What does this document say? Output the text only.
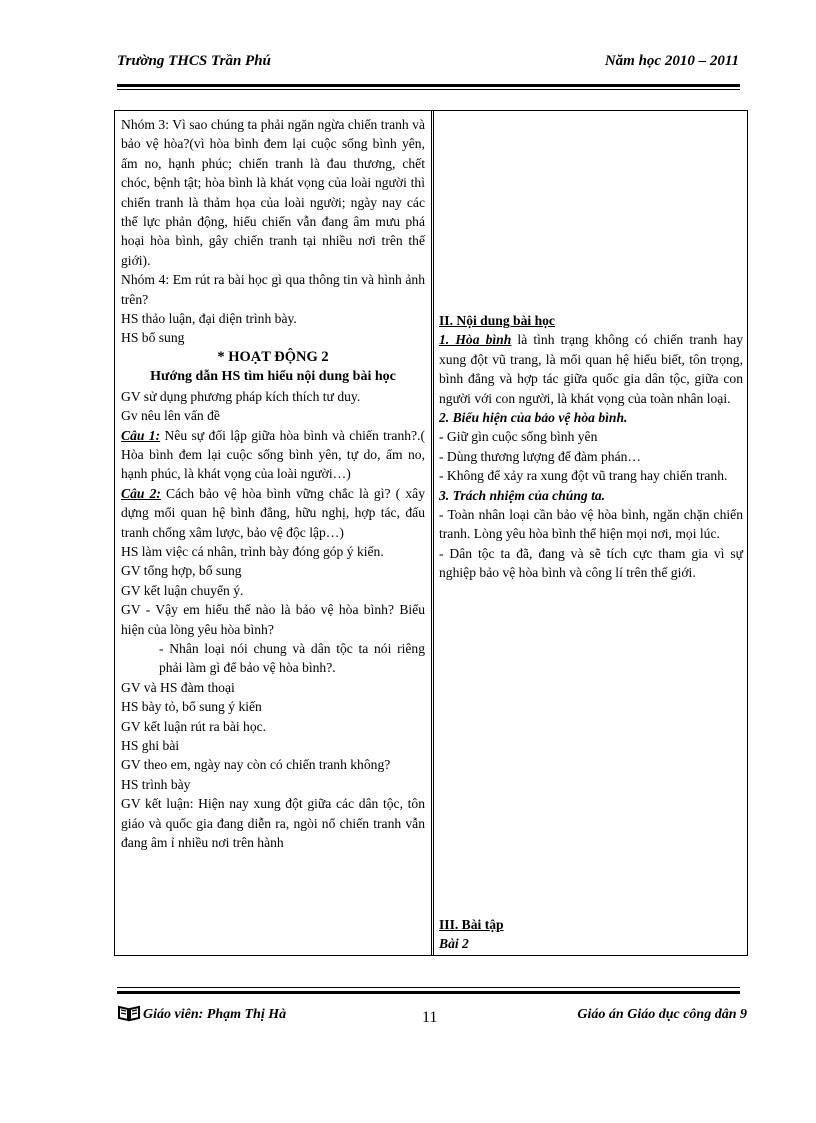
Trường THCS Trần Phú	Năm học 2010 – 2011

Nhóm 3: Vì sao chúng ta phải ngăn ngừa chiến tranh và bảo vệ hòa?(vì hòa bình đem lại cuộc sống bình yên, ấm no, hạnh phúc; chiến tranh là đau thương, chết chóc, bệnh tật; hòa bình là khát vọng của loài người thì chiến tranh là thảm họa của loài người; ngày nay các thế lực phản động, hiếu chiến vẫn đang âm mưu phá hoại hòa bình, gây chiến tranh tại nhiều nơi trên thế giới).

Nhóm 4: Em rút ra bài học gì qua thông tin và hình ảnh trên?

HS thảo luận, đại diện trình bày.

HS bổ sung

* HOẠT ĐỘNG 2

Hướng dẫn HS tìm hiểu nội dung bài học

GV sử dụng phương pháp kích thích tư duy.

Gv nêu lên vấn đề

Câu 1: Nêu sự đối lập giữa hòa bình và chiến tranh?.( Hòa bình đem lại cuộc sống bình yên, tự do, ấm no, hạnh phúc, là khát vọng của loài người…)

Câu 2: Cách bảo vệ hòa bình vững chắc là gì? ( xây dựng mối quan hệ bình đẳng, hữu nghị, hợp tác, đấu tranh chống xâm lược, bảo vệ độc lập…)

HS làm việc cá nhân, trình bày đóng góp ý kiến.

GV tổng hợp, bổ sung

GV kết luận chuyển ý.

GV - Vậy em hiểu thế nào là bảo vệ hòa bình? Biểu hiện của lòng yêu hòa bình?

- Nhân loại nói chung và dân tộc ta nói riêng phải làm gì để bảo vệ hòa bình?.

GV và HS đàm thoại

HS bày tỏ, bổ sung ý kiến

GV kết luận rút ra bài học.

HS ghi bài

GV theo em, ngày nay còn có chiến tranh không?

HS trình bày

GV kết luận: Hiện nay xung đột giữa các dân tộc, tôn giáo và quốc gia đang diễn ra, ngòi nổ chiến tranh vẫn đang âm ỉ nhiều nơi trên hành

II. Nội dung bài học

1. Hòa bình là tình trạng không có chiến tranh hay xung đột vũ trang, là mối quan hệ hiểu biết, tôn trọng, bình đẳng và hợp tác giữa quốc gia dân tộc, giữa con người với con người, là khát vọng của toàn nhân loại.

2. Biểu hiện của bảo vệ hòa bình.

- Giữ gìn cuộc sống bình yên

- Dùng thương lượng để đàm phán…

- Không để xảy ra xung đột vũ trang hay chiến tranh.

3. Trách nhiệm của chúng ta.

- Toàn nhân loại cần bảo vệ hòa bình, ngăn chặn chiến tranh. Lòng yêu hòa bình thể hiện mọi nơi, mọi lúc.

- Dân tộc ta đã, đang và sẽ tích cực tham gia vì sự nghiệp bảo vệ hòa bình và công lí trên thế giới.

III. Bài tập

Bài 2

Giáo viên: Phạm Thị Hà	11	Giáo án Giáo dục công dân 9
